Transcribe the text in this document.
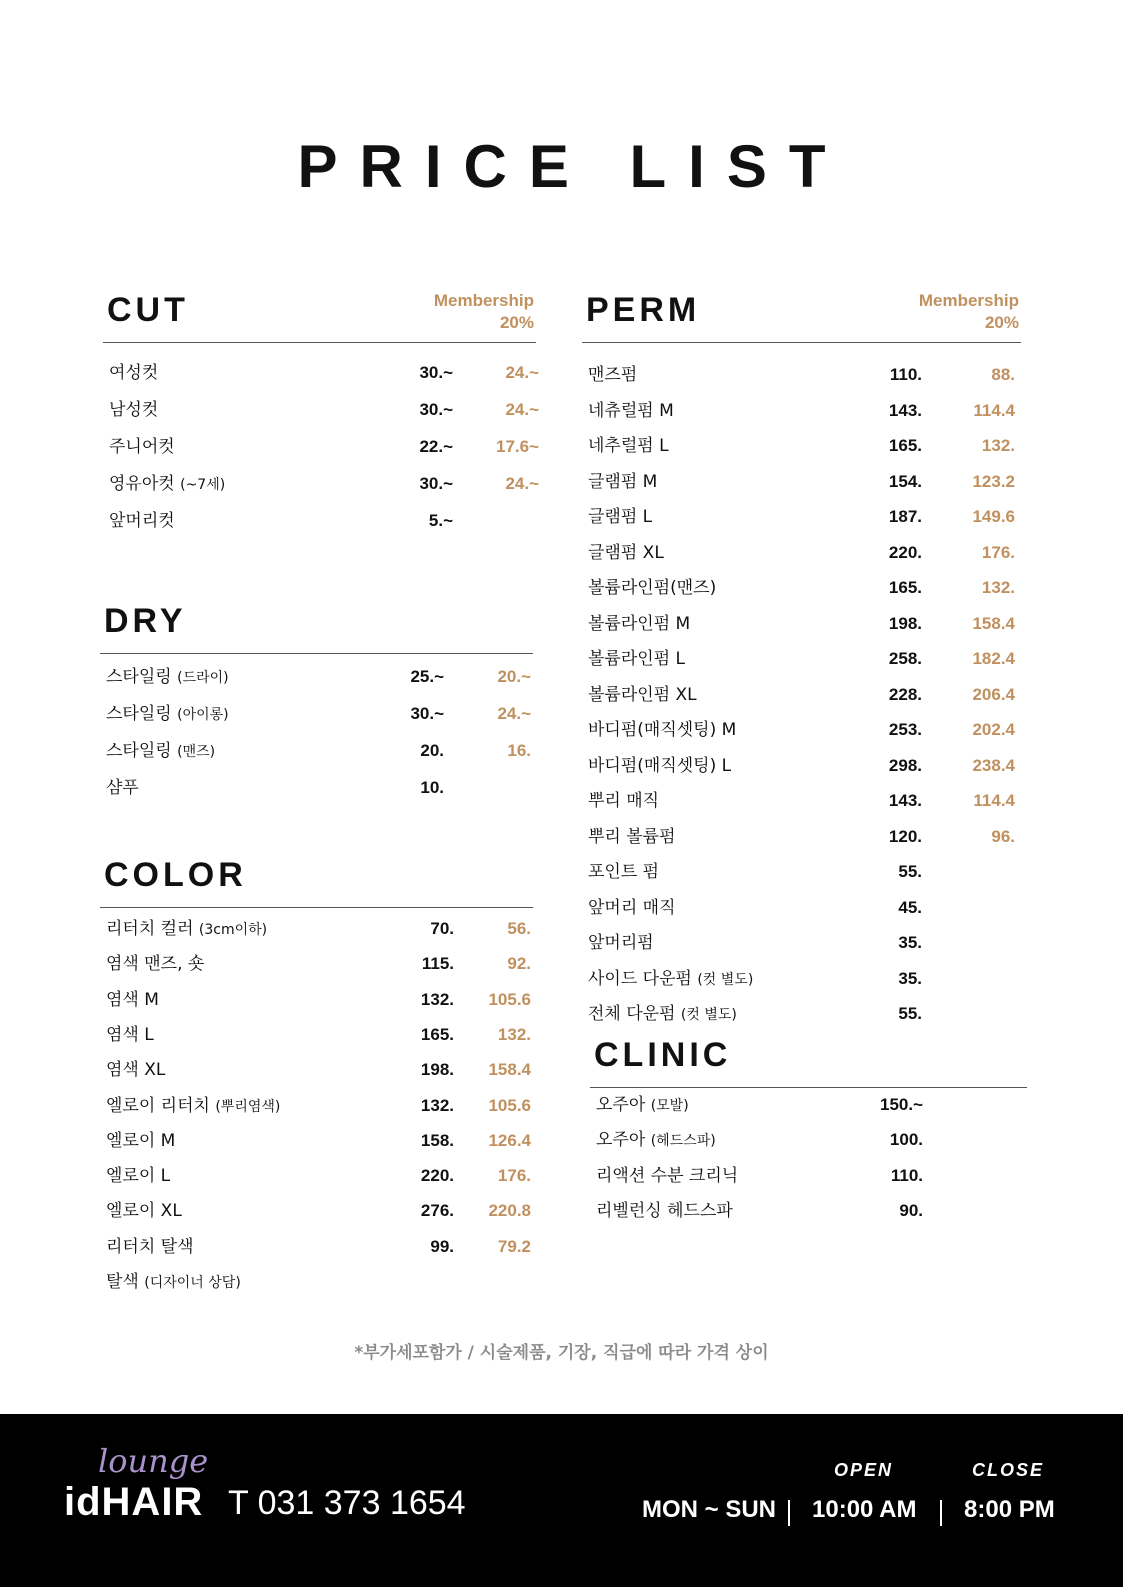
PRICE LIST
CUT	Membership
20%
여성컷	30.~	24.~
남성컷	30.~	24.~
주니어컷	22.~	17.6~
영유아컷 (~7세)	30.~	24.~
앞머리컷	5.~
DRY
스타일링 (드라이)	25.~	20.~
스타일링 (아이롱)	30.~	24.~
스타일링 (맨즈)	20.	16.
샴푸	10.
COLOR
리터치 컬러 (3cm이하)	70.	56.
염색 맨즈, 숏	115.	92.
염색 M	132.	105.6
염색 L	165.	132.
염색 XL	198.	158.4
엘로이 리터치 (뿌리염색)	132.	105.6
엘로이 M	158.	126.4
엘로이 L	220.	176.
엘로이 XL	276.	220.8
리터치 탈색	99.	79.2
탈색 (디자이너 상담)
PERM	Membership
20%
맨즈펌	110.	88.
네츄럴펌 M	143.	114.4
네추럴펌 L	165.	132.
글램펌 M	154.	123.2
글램펌 L	187.	149.6
글램펌 XL	220.	176.
볼륨라인펌(맨즈)	165.	132.
볼륨라인펌 M	198.	158.4
볼륨라인펌 L	258.	182.4
볼륨라인펌 XL	228.	206.4
바디펌(매직셋팅) M	253.	202.4
바디펌(매직셋팅) L	298.	238.4
뿌리 매직	143.	114.4
뿌리 볼륨펌	120.	96.
포인트 펌	55.
앞머리 매직	45.
앞머리펌	35.
사이드 다운펌 (컷 별도)	35.
전체 다운펌 (컷 별도)	55.
CLINIC
오주아 (모발)	150.~
오주아 (헤드스파)	100.
리액션 수분 크리닉	110.
리벨런싱 헤드스파	90.
*부가세포함가 / 시술제품, 기장, 직급에 따라 가격 상이
lounge
idHAIR T 031 373 1654
OPEN	CLOSE
MON ~ SUN 10:00 AM 8:00 PM
